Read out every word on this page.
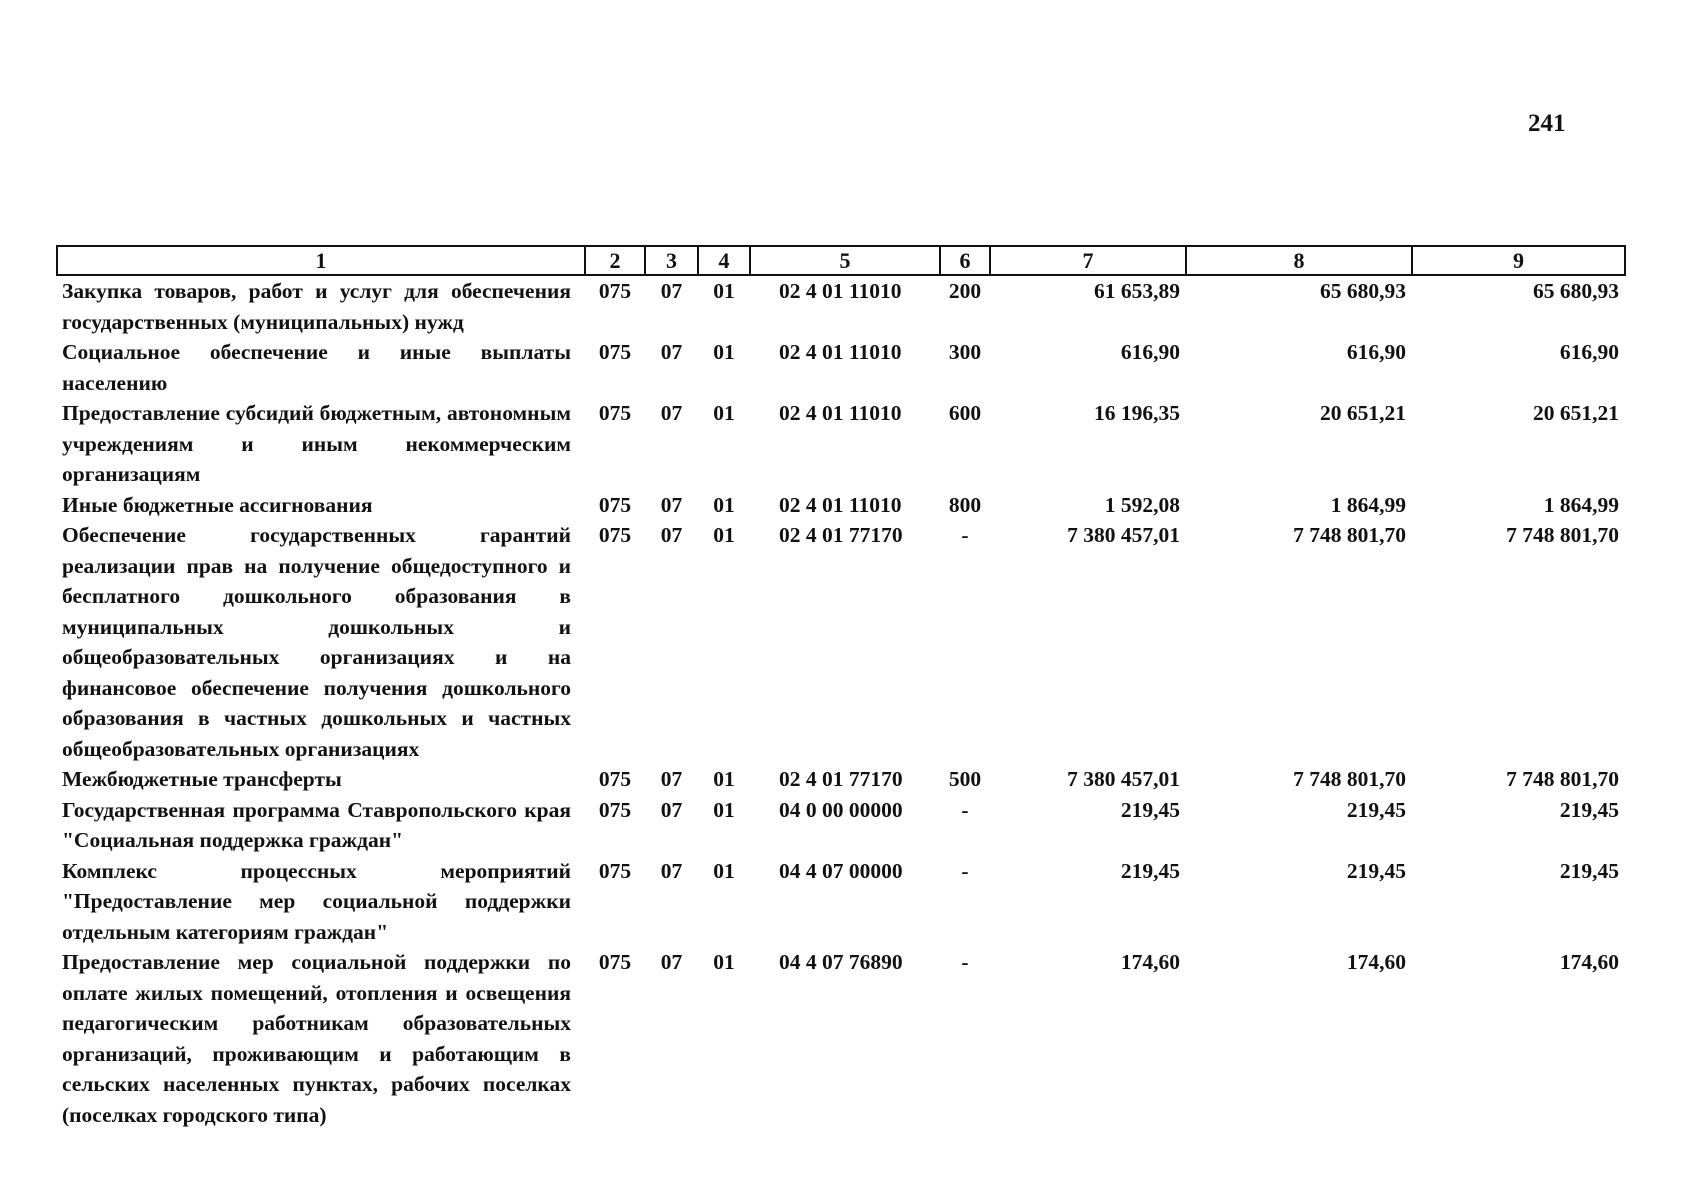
241
1	2	3	4	5	6	7	8	9
Закупка товаров, работ и услуг для обеспечения государственных (муниципальных) нужд	075	07	01	02 4 01 11010	200	61 653,89	65 680,93	65 680,93
Социальное обеспечение и иные выплаты населению	075	07	01	02 4 01 11010	300	616,90	616,90	616,90
Предоставление субсидий бюджетным, автономным учреждениям и иным некоммерческим организациям	075	07	01	02 4 01 11010	600	16 196,35	20 651,21	20 651,21
Иные бюджетные ассигнования	075	07	01	02 4 01 11010	800	1 592,08	1 864,99	1 864,99
Обеспечение государственных гарантий реализации прав на получение общедоступного и бесплатного дошкольного образования в муниципальных дошкольных и общеобразовательных организациях и на финансовое обеспечение получения дошкольного образования в частных дошкольных и частных общеобразовательных организациях	075	07	01	02 4 01 77170	-	7 380 457,01	7 748 801,70	7 748 801,70
Межбюджетные трансферты	075	07	01	02 4 01 77170	500	7 380 457,01	7 748 801,70	7 748 801,70
Государственная программа Ставропольского края "Социальная поддержка граждан"	075	07	01	04 0 00 00000	-	219,45	219,45	219,45
Комплекс процессных мероприятий "Предоставление мер социальной поддержки отдельным категориям граждан"	075	07	01	04 4 07 00000	-	219,45	219,45	219,45
Предоставление мер социальной поддержки по оплате жилых помещений, отопления и освещения педагогическим работникам образовательных организаций, проживающим и работающим в сельских населенных пунктах, рабочих поселках (поселках городского типа)	075	07	01	04 4 07 76890	-	174,60	174,60	174,60
